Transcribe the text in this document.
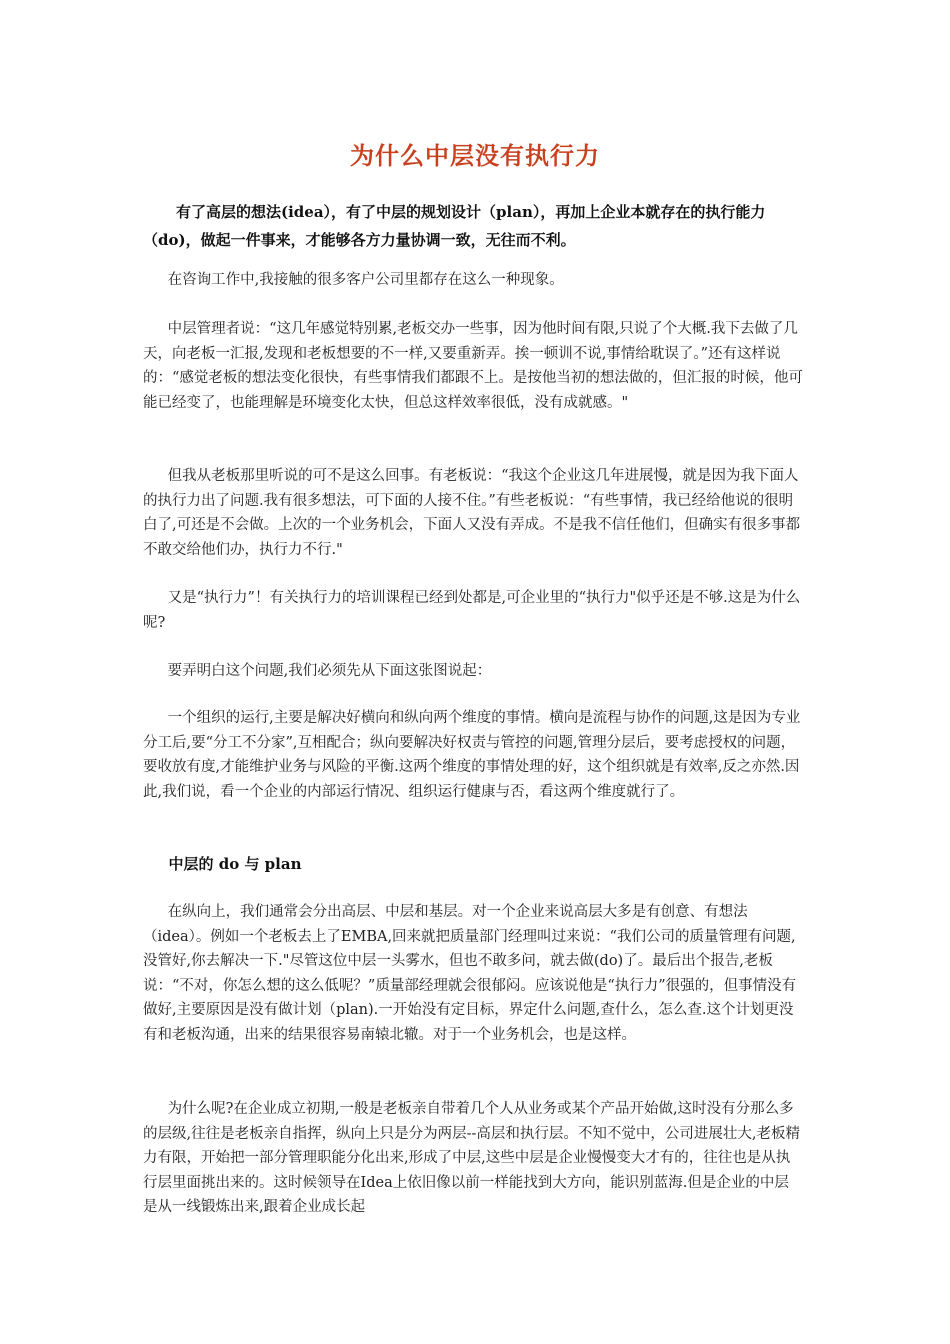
为什么中层没有执行力

有了高层的想法(idea），有了中层的规划设计（plan），再加上企业本就存在的执行能力（do)，做起一件事来，才能够各方力量协调一致，无往而不利。

在咨询工作中,我接触的很多客户公司里都存在这么一种现象。

中层管理者说：“这几年感觉特别累,老板交办一些事，因为他时间有限,只说了个大概.我下去做了几天，向老板一汇报,发现和老板想要的不一样,又要重新弄。挨一顿训不说,事情给耽误了。”还有这样说的：“感觉老板的想法变化很快，有些事情我们都跟不上。是按他当初的想法做的，但汇报的时候，他可能已经变了，也能理解是环境变化太快，但总这样效率很低，没有成就感。"

但我从老板那里听说的可不是这么回事。有老板说：“我这个企业这几年进展慢，就是因为我下面人的执行力出了问题.我有很多想法，可下面的人接不住。”有些老板说：“有些事情，我已经给他说的很明白了,可还是不会做。上次的一个业务机会，下面人又没有弄成。不是我不信任他们，但确实有很多事都不敢交给他们办，执行力不行."

又是“执行力”！有关执行力的培训课程已经到处都是,可企业里的“执行力"似乎还是不够.这是为什么呢?

要弄明白这个问题,我们必须先从下面这张图说起：

一个组织的运行,主要是解决好横向和纵向两个维度的事情。横向是流程与协作的问题,这是因为专业分工后,要“分工不分家”,互相配合；纵向要解决好权责与管控的问题,管理分层后，要考虑授权的问题，要收放有度,才能维护业务与风险的平衡.这两个维度的事情处理的好，这个组织就是有效率,反之亦然.因此,我们说，看一个企业的内部运行情况、组织运行健康与否，看这两个维度就行了。

中层的 do 与 plan

在纵向上，我们通常会分出高层、中层和基层。对一个企业来说高层大多是有创意、有想法（idea）。例如一个老板去上了EMBA,回来就把质量部门经理叫过来说：“我们公司的质量管理有问题,没管好,你去解决一下."尽管这位中层一头雾水，但也不敢多问，就去做(do)了。最后出个报告,老板说：“不对，你怎么想的这么低呢？”质量部经理就会很郁闷。应该说他是“执行力”很强的，但事情没有做好,主要原因是没有做计划（plan).一开始没有定目标，界定什么问题,查什么，怎么查.这个计划更没有和老板沟通，出来的结果很容易南辕北辙。对于一个业务机会，也是这样。

为什么呢?在企业成立初期,一般是老板亲自带着几个人从业务或某个产品开始做,这时没有分那么多的层级,往往是老板亲自指挥，纵向上只是分为两层--高层和执行层。不知不觉中，公司进展壮大,老板精力有限，开始把一部分管理职能分化出来,形成了中层,这些中层是企业慢慢变大才有的，往往也是从执行层里面挑出来的。这时候领导在Idea上依旧像以前一样能找到大方向，能识别蓝海.但是企业的中层是从一线锻炼出来,跟着企业成长起
